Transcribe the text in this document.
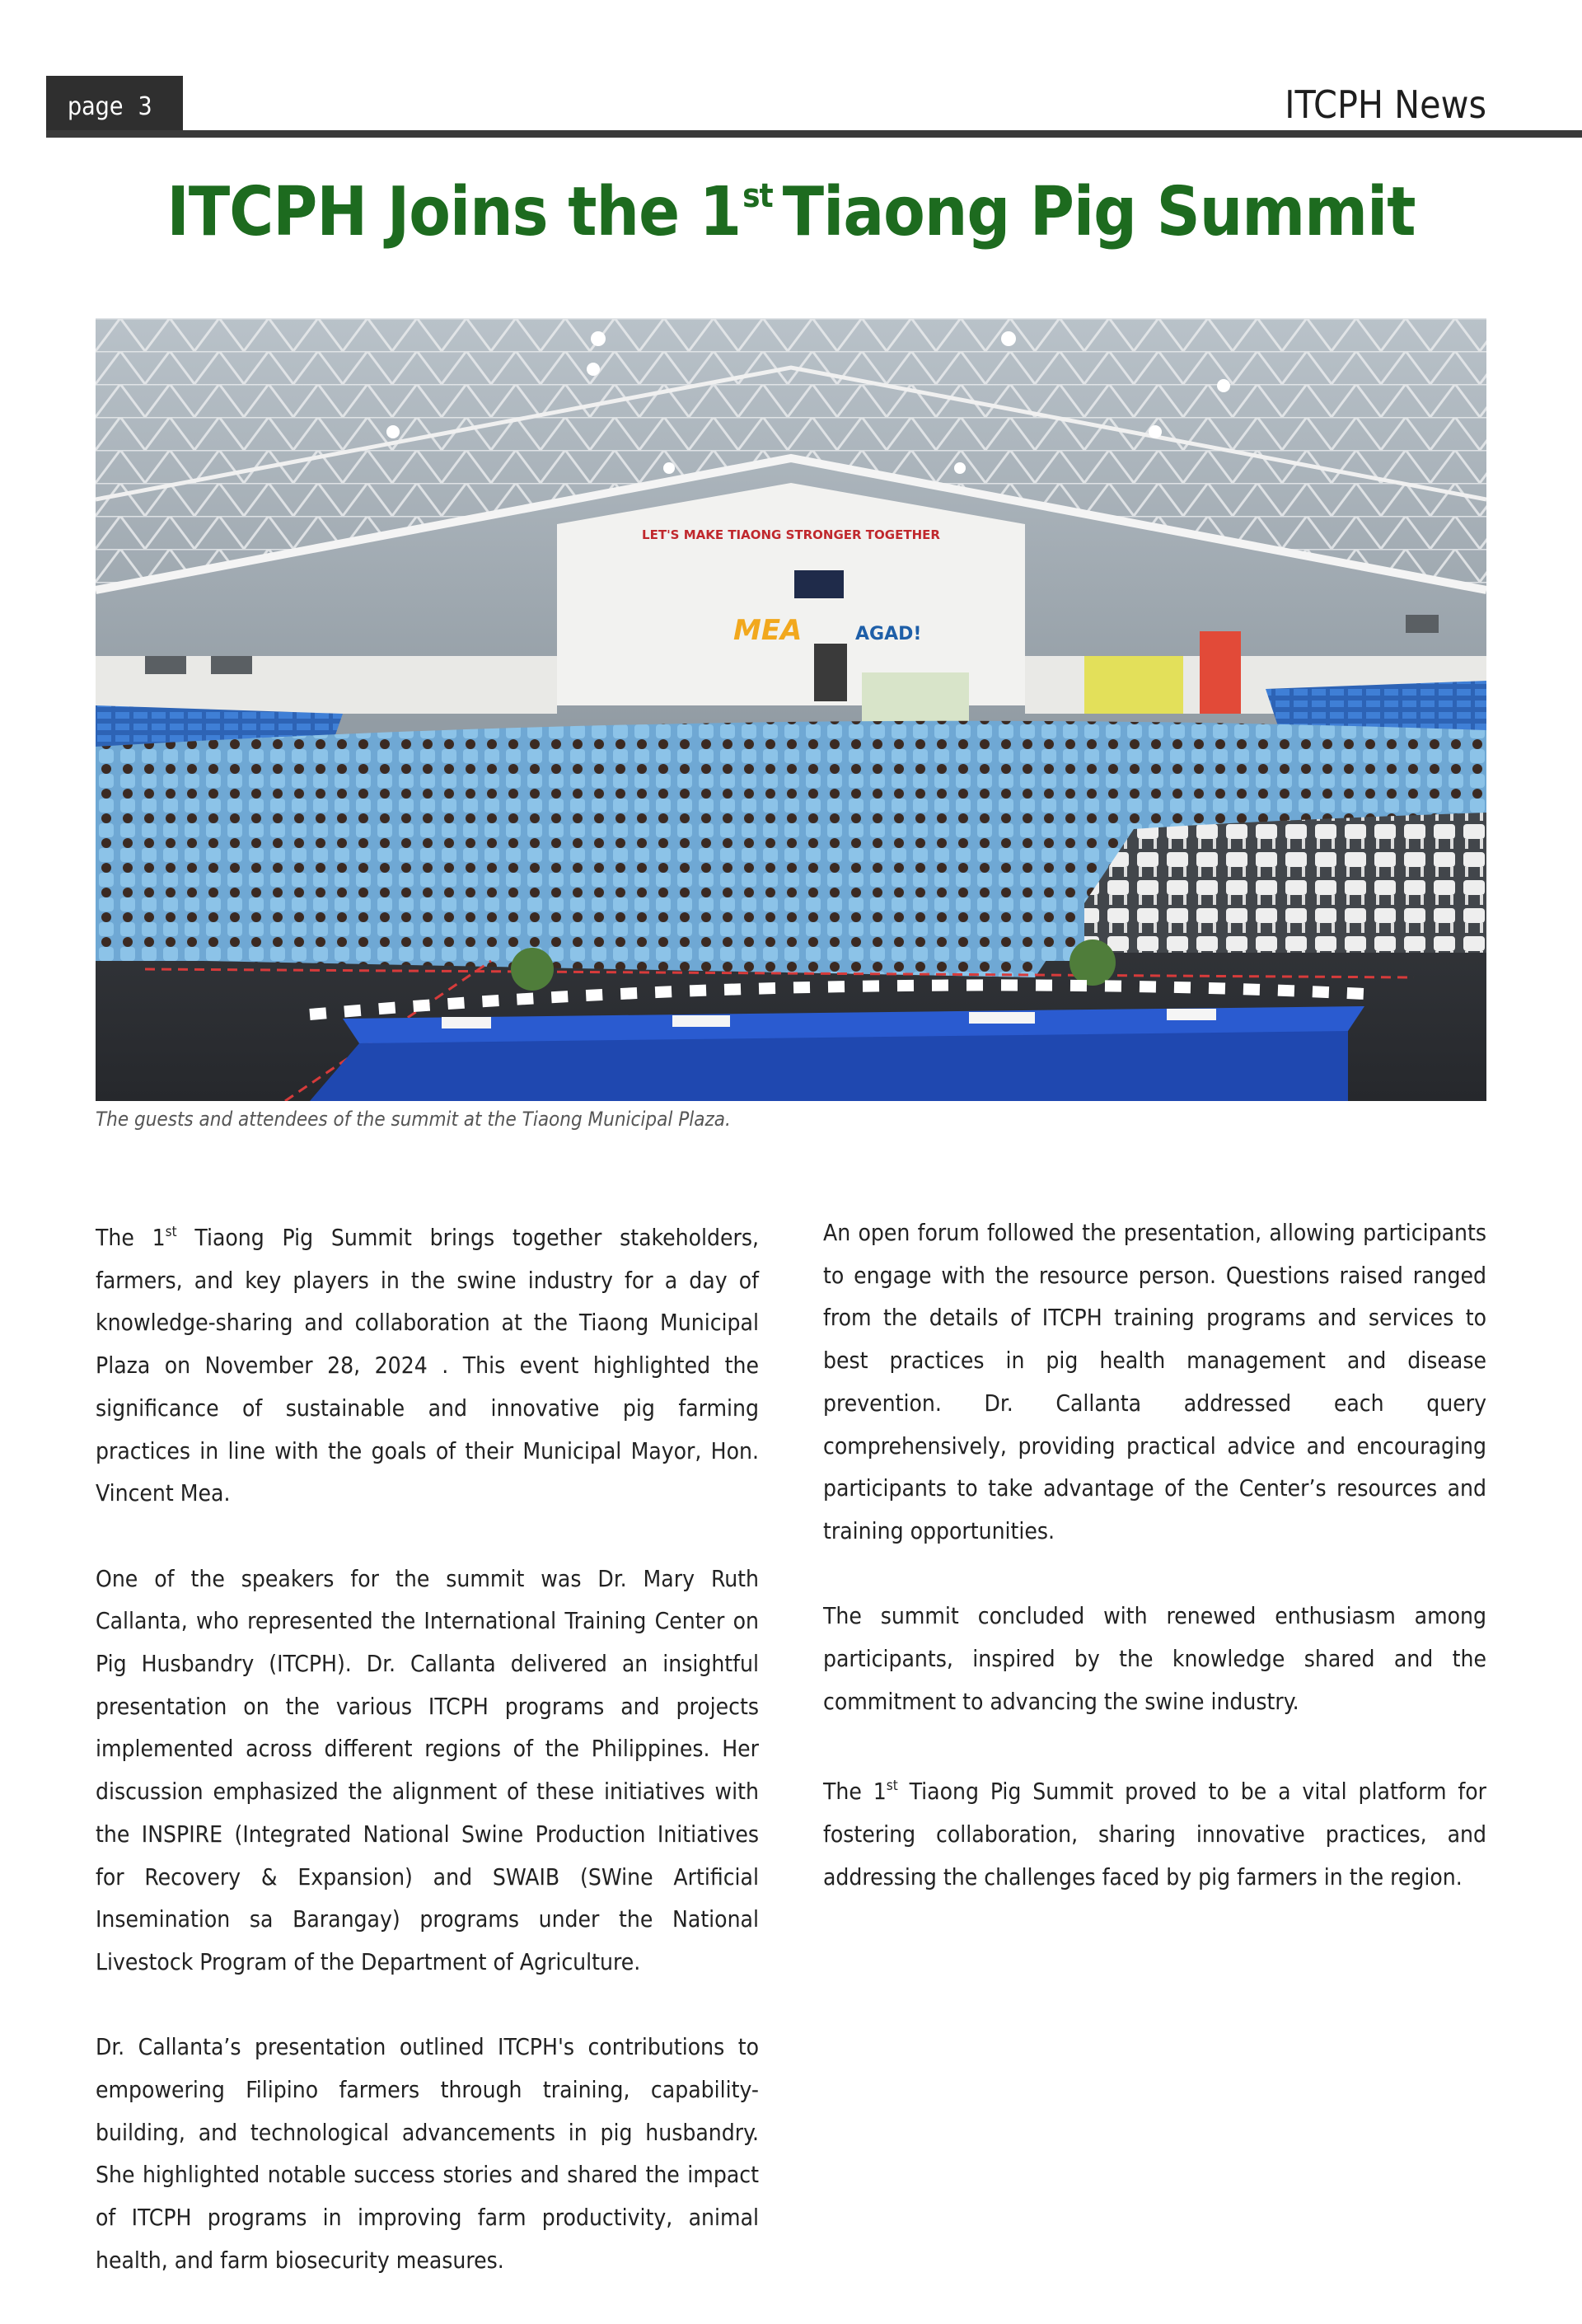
page 3	ITCPH News
ITCPH Joins the 1st Tiaong Pig Summit
LET'S MAKE TIAONG STRONGER TOGETHER
MEA	AGAD!
The guests and attendees of the summit at the Tiaong Municipal Plaza.

The 1st Tiaong Pig Summit brings together stakeholders, farmers, and key players in the swine industry for a day of knowledge-sharing and collaboration at the Tiaong Municipal Plaza on November 28, 2024 . This event highlighted the significance of sustainable and innovative pig farming practices in line with the goals of their Municipal Mayor, Hon. Vincent Mea.

One of the speakers for the summit was Dr. Mary Ruth Callanta, who represented the International Training Center on Pig Husbandry (ITCPH). Dr. Callanta delivered an insightful presentation on the various ITCPH programs and projects implemented across different regions of the Philippines. Her discussion emphasized the alignment of these initiatives with the INSPIRE (Integrated National Swine Production Initiatives for Recovery & Expansion) and SWAIB (SWine Artificial Insemination sa Barangay) programs under the National Livestock Program of the Department of Agriculture.

Dr. Callanta’s presentation outlined ITCPH's contributions to empowering Filipino farmers through training, capability-building, and technological advancements in pig husbandry. She highlighted notable success stories and shared the impact of ITCPH programs in improving farm productivity, animal health, and farm biosecurity measures.

An open forum followed the presentation, allowing participants to engage with the resource person. Questions raised ranged from the details of ITCPH training programs and services to best practices in pig health management and disease prevention. Dr. Callanta addressed each query comprehensively, providing practical advice and encouraging participants to take advantage of the Center’s resources and training opportunities.

The summit concluded with renewed enthusiasm among participants, inspired by the knowledge shared and the commitment to advancing the swine industry.

The 1st Tiaong Pig Summit proved to be a vital platform for fostering collaboration, sharing innovative practices, and addressing the challenges faced by pig farmers in the region.
